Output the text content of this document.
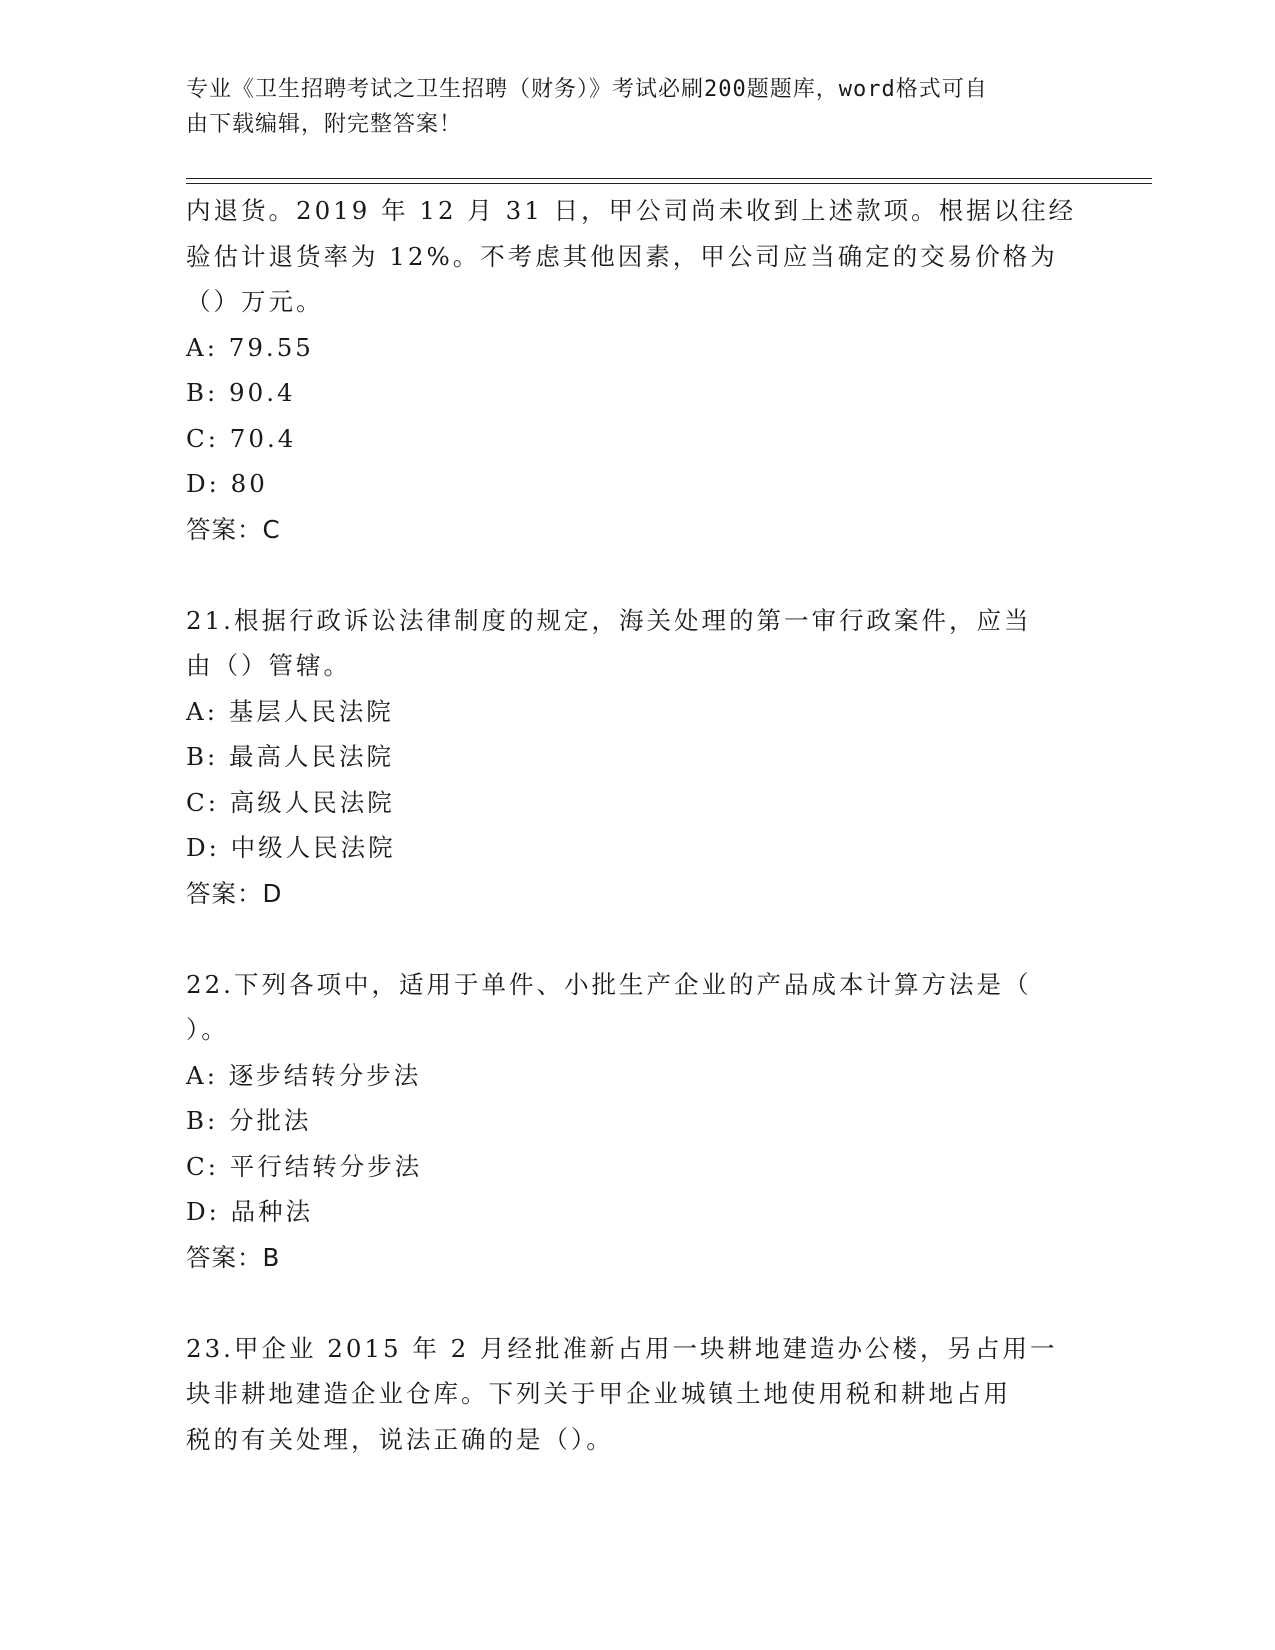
专业《卫生招聘考试之卫生招聘（财务）》考试必刷200题题库，word格式可自
由下载编辑，附完整答案！
内退货。2019 年 12 月 31 日，甲公司尚未收到上述款项。根据以往经
验估计退货率为 12%。不考虑其他因素，甲公司应当确定的交易价格为
（）万元。
A: 79.55
B: 90.4
C: 70.4
D: 80
答案：C
21.根据行政诉讼法律制度的规定，海关处理的第一审行政案件，应当
由（）管辖。
A: 基层人民法院
B: 最高人民法院
C: 高级人民法院
D: 中级人民法院
答案：D
22.下列各项中，适用于单件、小批生产企业的产品成本计算方法是（
）。
A: 逐步结转分步法
B: 分批法
C: 平行结转分步法
D: 品种法
答案：B
23.甲企业 2015 年 2 月经批准新占用一块耕地建造办公楼，另占用一
块非耕地建造企业仓库。下列关于甲企业城镇土地使用税和耕地占用
税的有关处理，说法正确的是（）。
